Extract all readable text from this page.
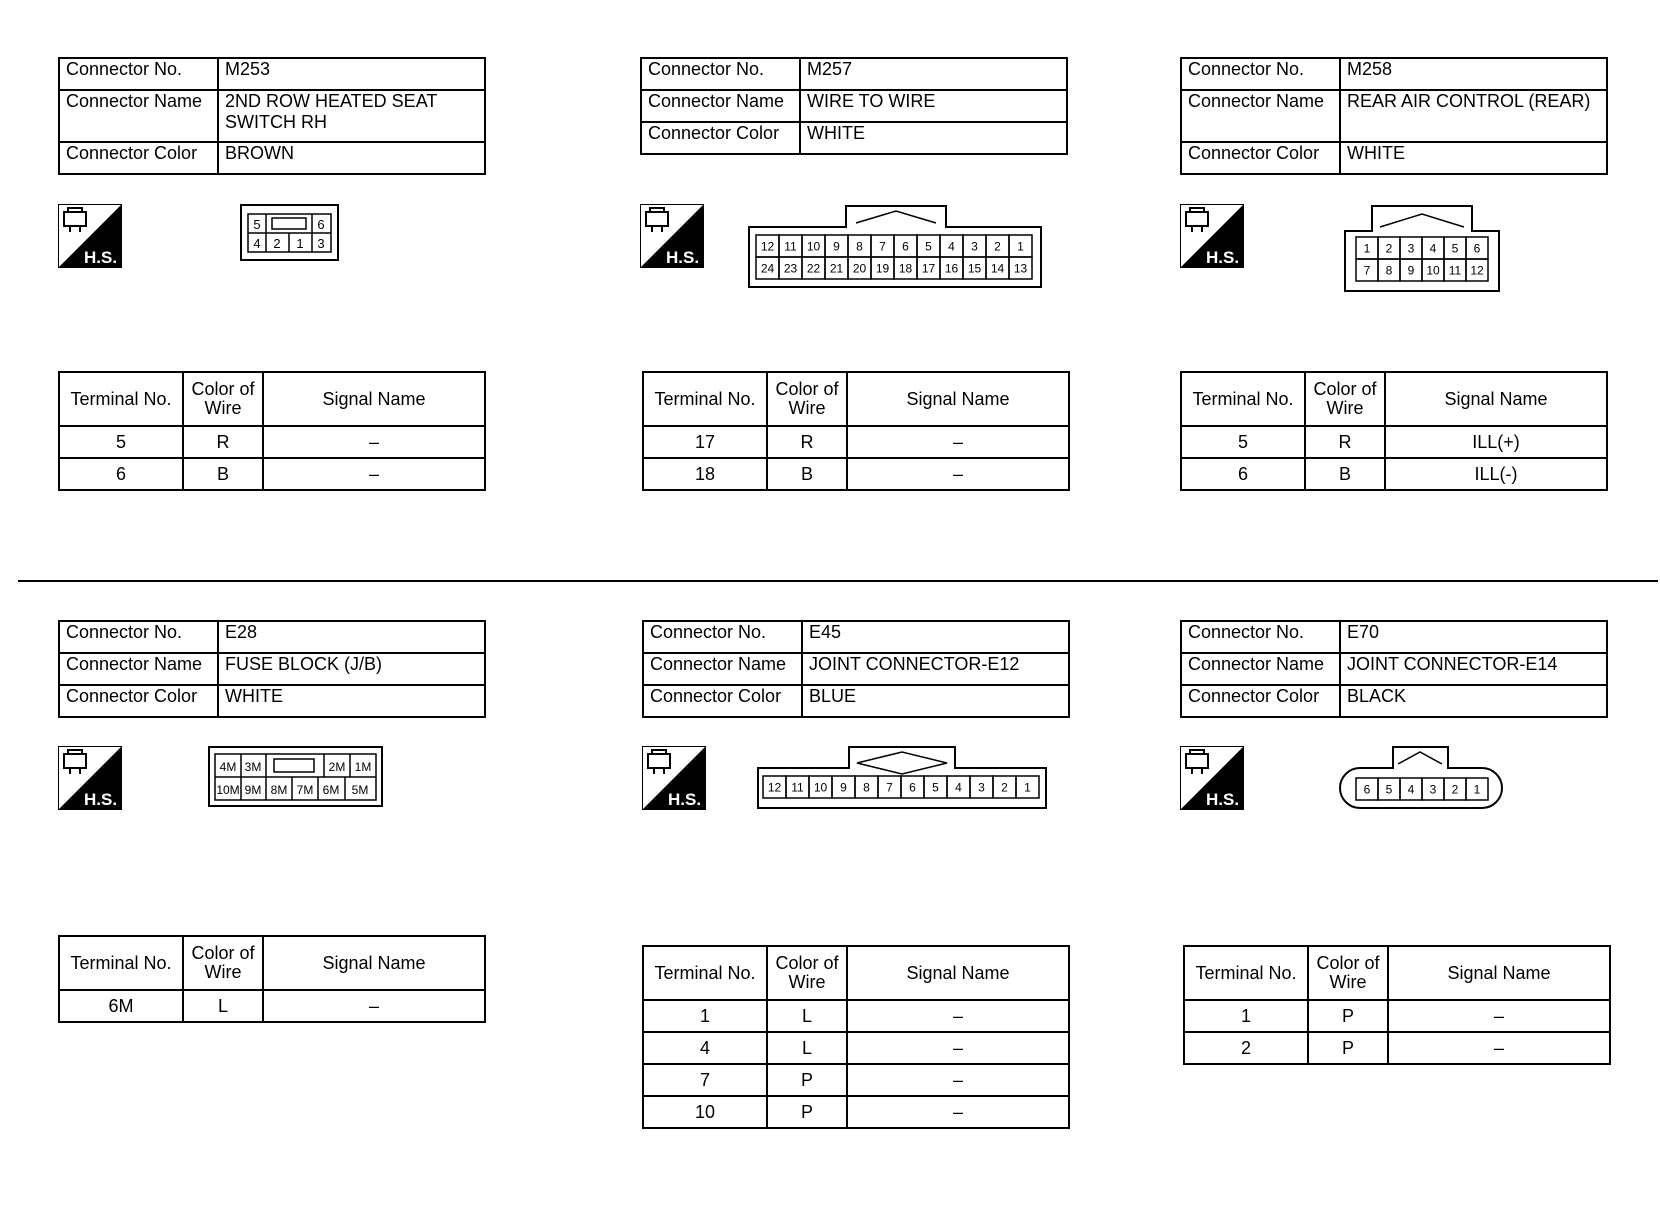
Connector No.	M253
Connector Name	2ND ROW HEATED SEAT SWITCH RH
Connector Color	BROWN
H.S.
5	6
4 2 1 3
Terminal No.	Color of Wire	Signal Name
5	R	–
6	B	–
Connector No.	M257
Connector Name	WIRE TO WIRE
Connector Color	WHITE
H.S.
12 11 10 9 8 7 6 5 4 3 2 1
24 23 22 21 20 19 18 17 16 15 14 13
Terminal No.	Color of Wire	Signal Name
17	R	–
18	B	–
Connector No.	M258
Connector Name	REAR AIR CONTROL (REAR)
Connector Color	WHITE
H.S.	1 2 3 4 5 6
7 8 9 10 11 12
Terminal No.	Color of Wire	Signal Name
5	R	ILL(+)
6	B	ILL(-)
Connector No.	E28
Connector Name	FUSE BLOCK (J/B)
Connector Color	WHITE
H.S.
4M 3M	2M 1M
10M 9M 8M 7M 6M 5M
Terminal No.	Color of Wire	Signal Name
6M	L	–
Connector No.	E45
Connector Name	JOINT CONNECTOR-E12
Connector Color	BLUE
H.S.
12 11 10 9 8 7 6 5 4 3 2 1
Terminal No.	Color of Wire	Signal Name
1	L	–
4	L	–
7	P	–
10	P	–
Connector No.	E70
Connector Name	JOINT CONNECTOR-E14
Connector Color	BLACK
H.S.
6 5 4 3 2 1
Terminal No.	Color of Wire	Signal Name
1	P	–
2	P	–
